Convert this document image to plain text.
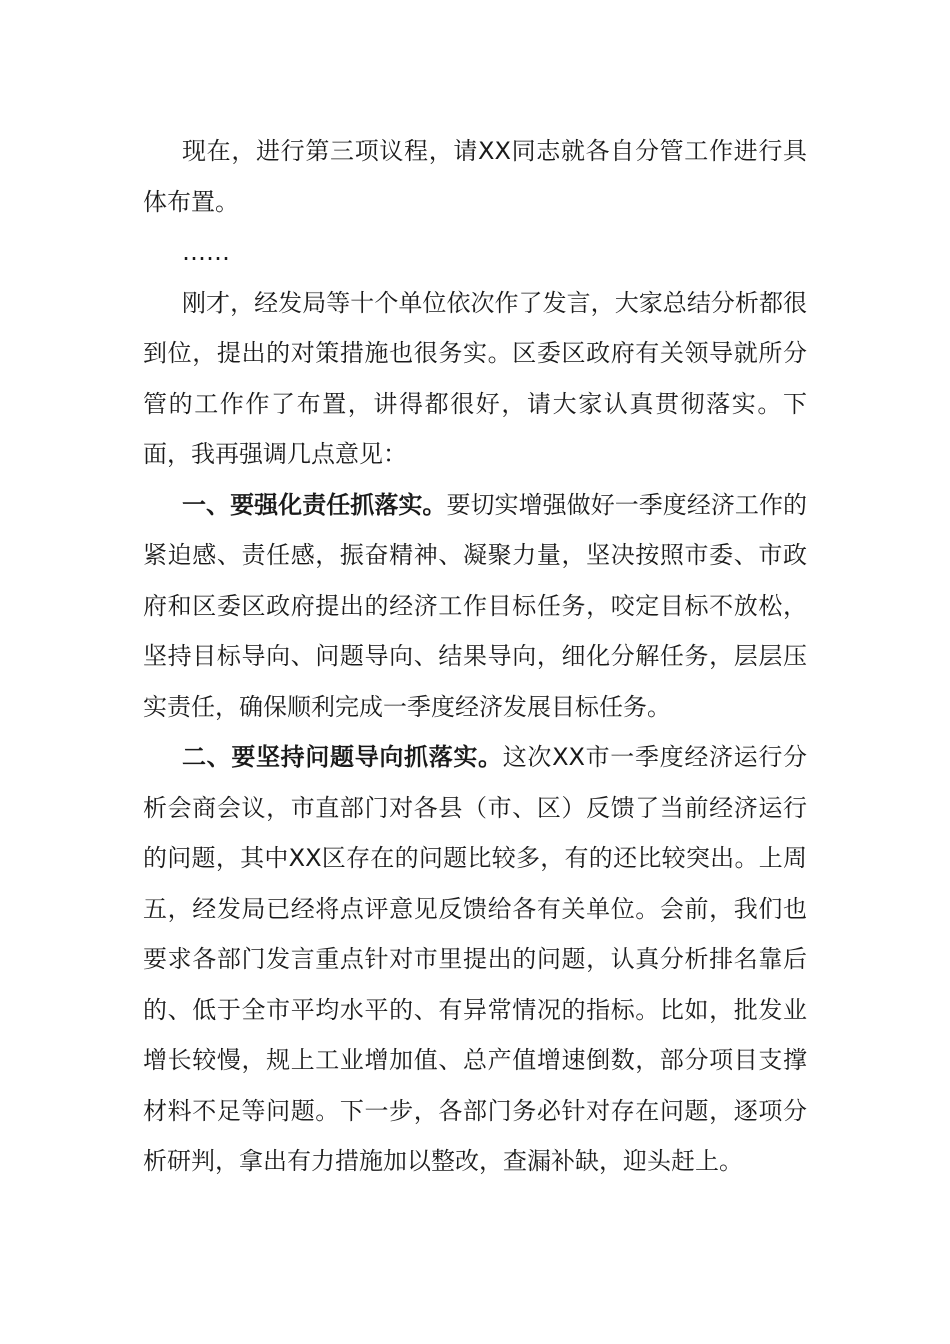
现在，进行第三项议程，请XX同志就各自分管工作进行具体布置。

……

刚才，经发局等十个单位依次作了发言，大家总结分析都很到位，提出的对策措施也很务实。区委区政府有关领导就所分管的工作作了布置，讲得都很好，请大家认真贯彻落实。下面，我再强调几点意见：

一、要强化责任抓落实。要切实增强做好一季度经济工作的紧迫感、责任感，振奋精神、凝聚力量，坚决按照市委、市政府和区委区政府提出的经济工作目标任务，咬定目标不放松，坚持目标导向、问题导向、结果导向，细化分解任务，层层压实责任，确保顺利完成一季度经济发展目标任务。

二、要坚持问题导向抓落实。这次XX市一季度经济运行分析会商会议，市直部门对各县（市、区）反馈了当前经济运行的问题，其中XX区存在的问题比较多，有的还比较突出。上周五，经发局已经将点评意见反馈给各有关单位。会前，我们也要求各部门发言重点针对市里提出的问题，认真分析排名靠后的、低于全市平均水平的、有异常情况的指标。比如，批发业增长较慢，规上工业增加值、总产值增速倒数，部分项目支撑材料不足等问题。下一步，各部门务必针对存在问题，逐项分析研判，拿出有力措施加以整改，查漏补缺，迎头赶上。
